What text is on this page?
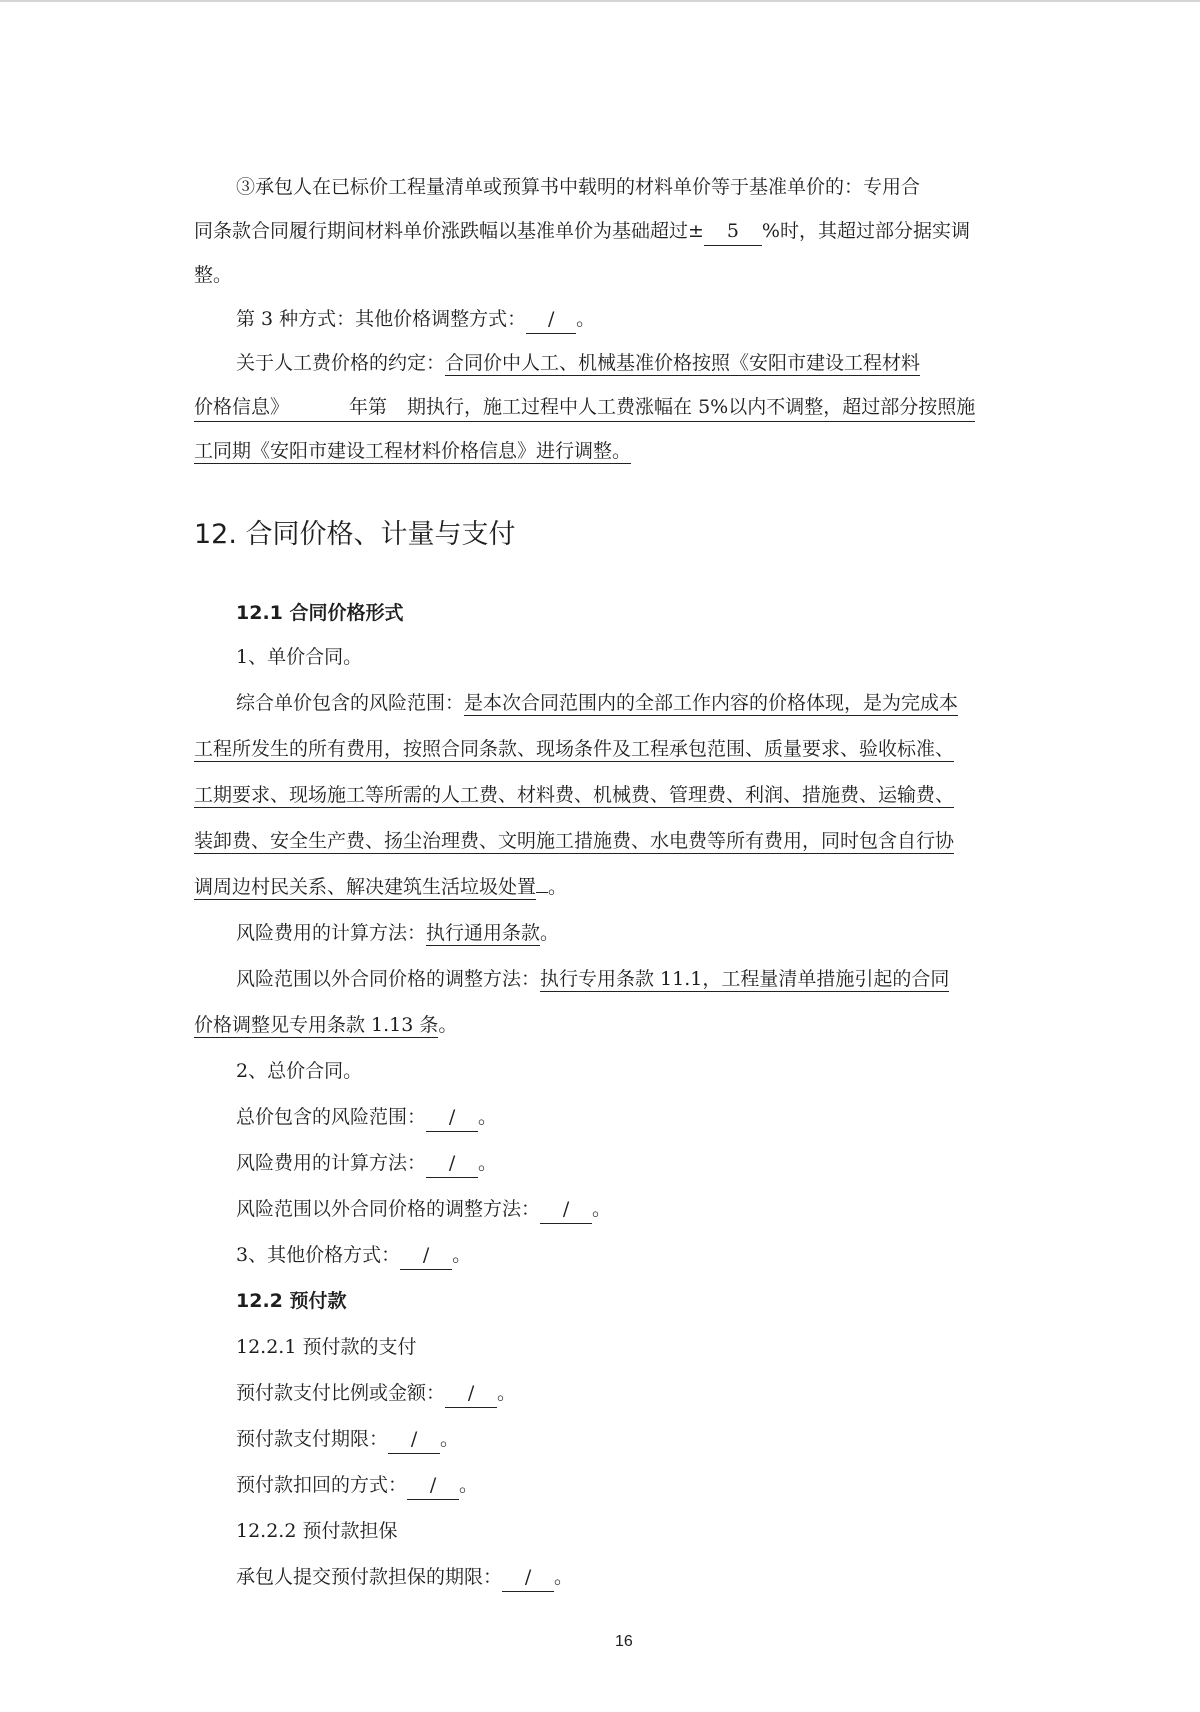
③承包人在已标价工程量清单或预算书中载明的材料单价等于基准单价的：专用合
同条款合同履行期间材料单价涨跌幅以基准单价为基础超过± 5 %时，其超过部分据实调
整。
第 3 种方式：其他价格调整方式： / 。
关于人工费价格的约定：合同价中人工、机械基准价格按照《安阳市建设工程材料
价格信息》	年第 期执行，施工过程中人工费涨幅在 5%以内不调整，超过部分按照施
工同期《安阳市建设工程材料价格信息》进行调整。
12. 合同价格、计量与支付
12.1 合同价格形式
1、单价合同。
综合单价包含的风险范围：是本次合同范围内的全部工作内容的价格体现，是为完成本
工程所发生的所有费用，按照合同条款、现场条件及工程承包范围、质量要求、验收标准、
工期要求、现场施工等所需的人工费、材料费、机械费、管理费、利润、措施费、运输费、
装卸费、安全生产费、扬尘治理费、文明施工措施费、水电费等所有费用，同时包含自行协
调周边村民关系、解决建筑生活垃圾处置 。
风险费用的计算方法：执行通用条款。
风险范围以外合同价格的调整方法：执行专用条款 11.1，工程量清单措施引起的合同
价格调整见专用条款 1.13 条。
2、总价合同。
总价包含的风险范围： / 。
风险费用的计算方法： / 。
风险范围以外合同价格的调整方法： / 。
3、其他价格方式： / 。
12.2 预付款
12.2.1 预付款的支付
预付款支付比例或金额： / 。
预付款支付期限： / 。
预付款扣回的方式： / 。
12.2.2 预付款担保
承包人提交预付款担保的期限： / 。
16
